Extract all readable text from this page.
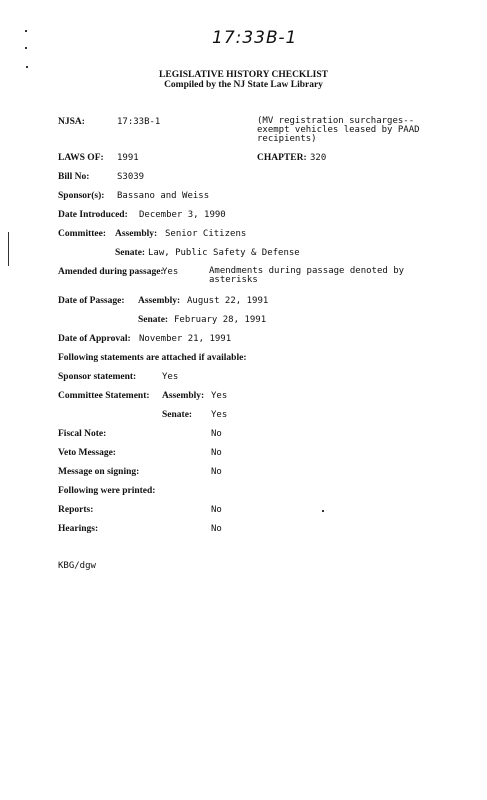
17:33B-1
LEGISLATIVE HISTORY CHECKLIST
Compiled by the NJ State Law Library
NJSA:	17:33B-1	(MV registration surcharges--
exempt vehicles leased by PAAD
recipients)
LAWS OF: 1991	CHAPTER: 320
Bill No:	S3039
Sponsor(s): Bassano and Weiss
Date Introduced: December 3, 1990
Committee: Assembly: Senior Citizens
Senate: Law, Public Safety & Defense
Amended during passage:
Yes	Amendments during passage denoted by
asterisks
Date of Passage: Assembly: August 22, 1991
Senate: February 28, 1991
Date of Approval: November 21, 1991
Following statements are attached if available:
Sponsor statement:	Yes
Committee Statement: Assembly: Yes
Senate: Yes
Fiscal Note:	No
Veto Message:	No
Message on signing:	No
Following were printed:
Reports:	No
Hearings:	No
KBG/dgw
